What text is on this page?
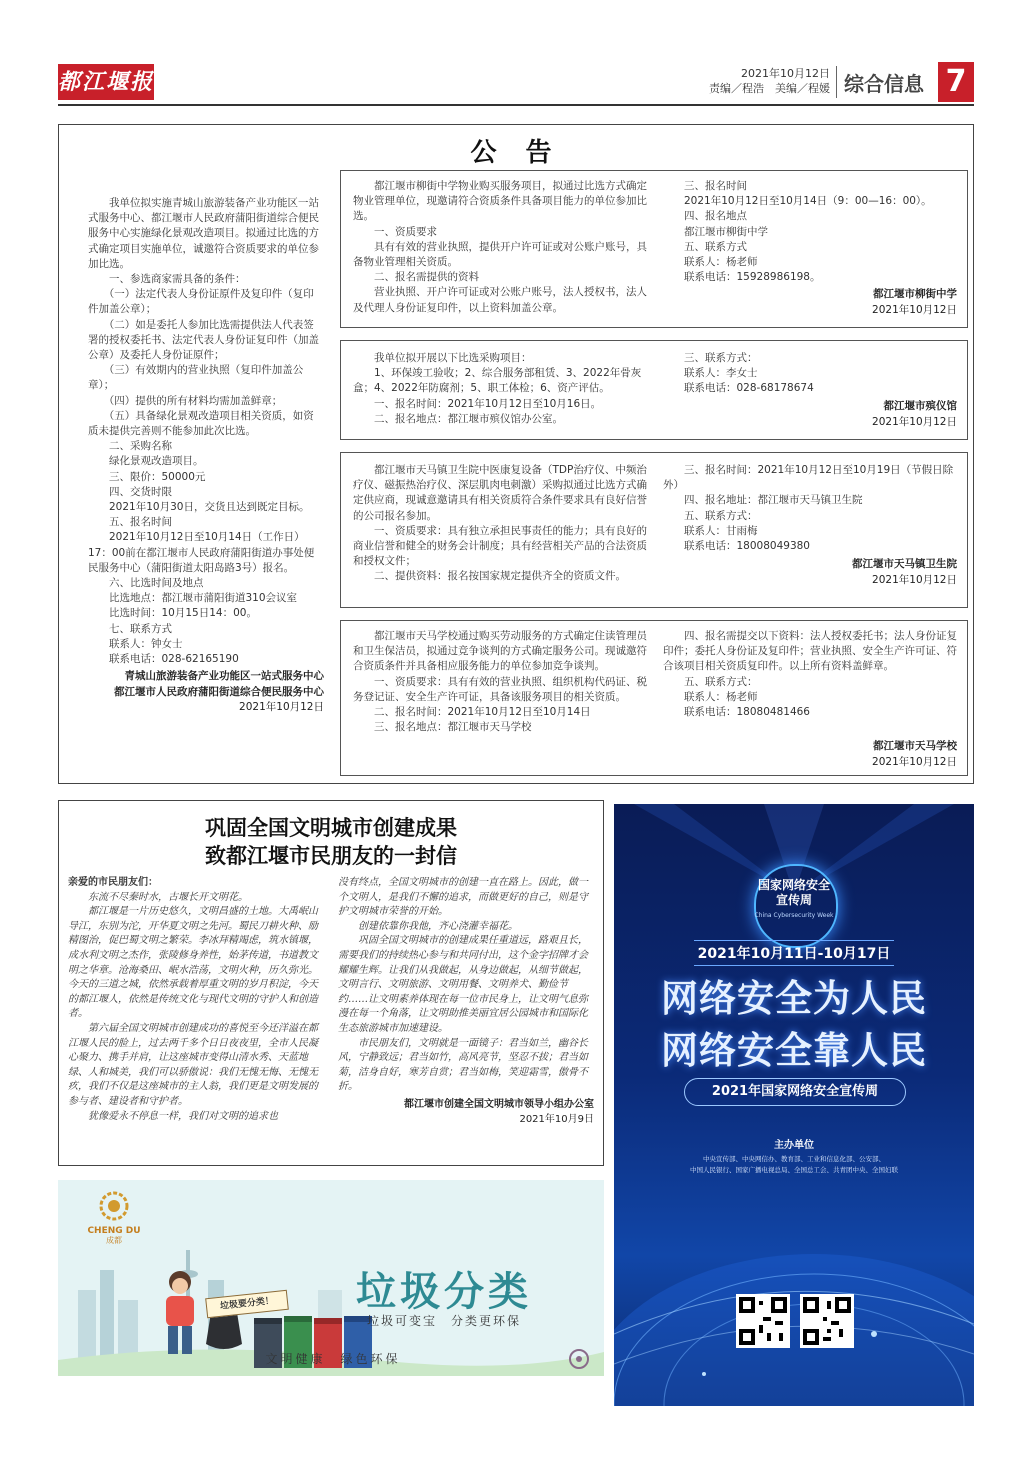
都江堰报	2021年10月12日
责编／程浩　美编／程媛 综合信息 7
公 告
　　我单位拟实施青城山旅游装备产业功能区一站式服务中心、都江堰市人民政府蒲阳街道综合便民服务中心实施绿化景观改造项目。拟通过比选的方式确定项目实施单位，诚邀符合资质要求的单位参加比选。
　　一、参选商家需具备的条件：
　　（一）法定代表人身份证原件及复印件（复印件加盖公章）；
　　（二）如是委托人参加比选需提供法人代表签署的授权委托书、法定代表人身份证复印件（加盖公章）及委托人身份证原件；
　　（三）有效期内的营业执照（复印件加盖公章）；
　　（四）提供的所有材料均需加盖鲜章；
　　（五）具备绿化景观改造项目相关资质，如资质未提供完善则不能参加此次比选。
　　二、采购名称
　　绿化景观改造项目。
　　三、限价：50000元
　　四、交货时限
　　2021年10月30日，交货且达到既定目标。
　　五、报名时间
　　2021年10月12日至10月14日（工作日）17：00前在都江堰市人民政府蒲阳街道办事处便民服务中心（蒲阳街道太阳岛路3号）报名。
　　六、比选时间及地点
　　比选地点：都江堰市蒲阳街道310会议室
　　比选时间：10月15日14：00。
　　七、联系方式
　　联系人：钟女士
　　联系电话：028-62165190
青城山旅游装备产业功能区一站式服务中心
都江堰市人民政府蒲阳街道综合便民服务中心
2021年10月12日
　　都江堰市柳街中学物业购买服务项目，拟通过比选方式确定物业管理单位，现邀请符合资质条件具备项目能力的单位参加比选。
　　一、资质要求
　　具有有效的营业执照，提供开户许可证或对公账户账号，具备物业管理相关资质。
　　二、报名需提供的资料
　　营业执照、开户许可证或对公账户账号，法人授权书，法人及代理人身份证复印件，以上资料加盖公章。
　　三、报名时间
　　2021年10月12日至10月14日（9：00—16：00）。
　　四、报名地点
　　都江堰市柳街中学
　　五、联系方式
　　联系人：杨老师
　　联系电话：15928986198。
都江堰市柳街中学
2021年10月12日
　　我单位拟开展以下比选采购项目：
　　1、环保竣工验收；2、综合服务部租赁、3、2022年骨灰盒；4、2022年防腐剂；5、职工体检；6、资产评估。
　　一、报名时间：2021年10月12日至10月16日。
　　二、报名地点：都江堰市殡仪馆办公室。
　　三、联系方式：
　　联系人：李女士
　　联系电话：028-68178674
都江堰市殡仪馆
2021年10月12日
　　都江堰市天马镇卫生院中医康复设备（TDP治疗仪、中频治疗仪、磁振热治疗仪、深层肌肉电刺激）采购拟通过比选方式确定供应商，现诚意邀请具有相关资质符合条件要求具有良好信誉的公司报名参加。
　　一、资质要求：具有独立承担民事责任的能力；具有良好的商业信誉和健全的财务会计制度；具有经营相关产品的合法资质和授权文件；
　　二、提供资料：报名按国家规定提供齐全的资质文件。
　　三、报名时间：2021年10月12日至10月19日（节假日除外）
　　四、报名地址：都江堰市天马镇卫生院
　　五、联系方式：
　　联系人：甘雨梅
　　联系电话：18008049380
都江堰市天马镇卫生院
2021年10月12日
　　都江堰市天马学校通过购买劳动服务的方式确定住读管理员和卫生保洁员，拟通过竞争谈判的方式确定服务公司。现诚邀符合资质条件并具备相应服务能力的单位参加竞争谈判。
　　一、资质要求：具有有效的营业执照、组织机构代码证、税务登记证、安全生产许可证，具备该服务项目的相关资质。
　　二、报名时间：2021年10月12日至10月14日
　　三、报名地点：都江堰市天马学校
　　四、报名需提交以下资料：法人授权委托书；法人身份证复印件；委托人身份证及复印件；营业执照、安全生产许可证、符合该项目相关资质复印件。以上所有资料盖鲜章。
　　五、联系方式：
　　联系人：杨老师
　　联系电话：18080481466
都江堰市天马学校
2021年10月12日
巩固全国文明城市创建成果
致都江堰市民朋友的一封信
亲爱的市民朋友们：
　　东流不尽秦时水，古堰长开文明花。
　　都江堰是一片历史悠久，文明昌盛的土地。大禹岷山导江，东别为沱，开华夏文明之先河。蜀民刀耕火种、励精图治，促巴蜀文明之繁荣。李冰拜精竭虑，筑水镇堰，成水利文明之杰作，张陵修身养性，始茅传道，书道教文明之华章。沧海桑田、岷水浩荡，文明火种，历久弥光。今天的三道之城，依然承载着厚重文明的岁月积淀，今天的都江堰人，依然是传统文化与现代文明的守护人和创造者。
　　第六届全国文明城市创建成功的喜悦至今还洋溢在都江堰人民的脸上，过去两千多个日日夜夜里，全市人民凝心聚力、携手并肩，让这座城市变得山清水秀、天蓝地绿、人和城美，我们可以骄傲说：我们无愧无悔、无愧无疚，我们不仅是这座城市的主人翁，我们更是文明发展的参与者、建设者和守护者。
　　犹像爱永不停息一样，我们对文明的追求也
没有终点，全国文明城市的创建一直在路上。因此，做一个文明人，是我们不懈的追求，而做更好的自己，则是守护文明城市荣誉的开始。
　　创建依靠你我他，齐心浇灌幸福花。
　　巩固全国文明城市的创建成果任重道远，路艰且长，需要我们的持续热心参与和共同付出，这个金字招牌才会耀耀生辉。让我们从我做起，从身边做起，从细节做起，文明言行、文明旅游、文明用餐、文明养犬、勤俭节约……让文明素养体现在每一位市民身上，让文明气息弥漫在每一个角落，让文明助推美丽宜居公园城市和国际化生态旅游城市加速建设。
　　市民朋友们，文明就是一面镜子：君当如兰，幽谷长风，宁静致远；君当如竹，高风亮节，坚忍不拔；君当如菊，洁身自好，寒芳自赏；君当如梅，笑迎霜雪，傲骨不折。
都江堰市创建全国文明城市领导小组办公室
2021年10月9日
CHENG DU
成都
垃圾要分类！	垃圾分类
垃圾可变宝　分类更环保
文明健康　绿色环保
国家网络安全
宣传周
China Cybersecurity Week
2021年10月11日-10月17日
网络安全为人民
网络安全靠人民
2021年国家网络安全宣传周
主办单位
中央宣传部、中央网信办、教育部、工业和信息化部、公安部、
中国人民银行、国家广播电视总局、全国总工会、共青团中央、全国妇联
